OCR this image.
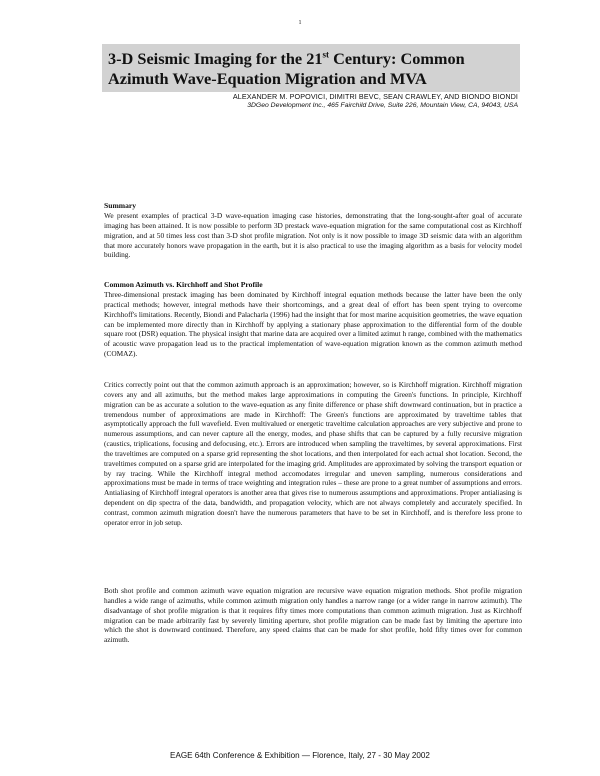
1
3-D Seismic Imaging for the 21st Century: Common
Azimuth Wave-Equation Migration and MVA
ALEXANDER M. POPOVICI, DIMITRI BEVC, SEAN CRAWLEY, AND BIONDO BIONDI
3DGeo Development Inc., 465 Fairchild Drive, Suite 226, Mountain View, CA, 94043, USA
Summary
We present examples of practical 3-D wave-equation imaging case histories, demonstrating that the long-sought-after goal of accurate imaging has been attained. It is now possible to perform 3D prestack wave-equation migration for the same computational cost as Kirchhoff migration, and at 50 times less cost than 3-D shot profile migration. Not only is it now possible to image 3D seismic data with an algorithm that more accurately honors wave propagation in the earth, but it is also practical to use the imaging algorithm as a basis for velocity model building.
Common Azimuth vs. Kirchhoff and Shot Profile
Three-dimensional prestack imaging has been dominated by Kirchhoff integral equation methods because the latter have been the only practical methods; however, integral methods have their shortcomings, and a great deal of effort has been spent trying to overcome Kirchhoff's limitations. Recently, Biondi and Palacharla (1996) had the insight that for most marine acquisition geometries, the wave equation can be implemented more directly than in Kirchhoff by applying a stationary phase approximation to the differential form of the double square root (DSR) equation. The physical insight that marine data are acquired over a limited azimut h range, combined with the mathematics of acoustic wave propagation lead us to the practical implementation of wave-equation migration known as the common azimuth method (COMAZ).
Critics correctly point out that the common azimuth approach is an approximation; however, so is Kirchhoff migration. Kirchhoff migration covers any and all azimuths, but the method makes large approximations in computing the Green's functions. In principle, Kirchhoff migration can be as accurate a solution to the wave-equation as any finite difference or phase shift downward continuation, but in practice a tremendous number of approximations are made in Kirchhoff: The Green's functions are approximated by traveltime tables that asymptotically approach the full wavefield. Even multivalued or energetic traveltime calculation approaches are very subjective and prone to numerous assumptions, and can never capture all the energy, modes, and phase shifts that can be captured by a fully recursive migration (caustics, triplications, focusing and defocusing, etc.). Errors are introduced when sampling the traveltimes, by several approximations. First the traveltimes are computed on a sparse grid representing the shot locations, and then interpolated for each actual shot location. Second, the traveltimes computed on a sparse grid are interpolated for the imaging grid. Amplitudes are approximated by solving the transport equation or by ray tracing. While the Kirchhoff integral method accomodates irregular and uneven sampling, numerous considerations and approximations must be made in terms of trace weighting and integration rules – these are prone to a great number of assumptions and errors. Antialiasing of Kirchhoff integral operators is another area that gives rise to numerous assumptions and approximations. Proper antialiasing is dependent on dip spectra of the data, bandwidth, and propagation velocity, which are not always completely and accurately specified. In contrast, common azimuth migration doesn't have the numerous parameters that have to be set in Kirchhoff, and is therefore less prone to operator error in job setup.
Both shot profile and common azimuth wave equation migration are recursive wave equation migration methods. Shot profile migration handles a wide range of azimuths, while common azimuth migration only handles a narrow range (or a wider range in narrow azimuth). The disadvantage of shot profile migration is that it requires fifty times more computations than common azimuth migration. Just as Kirchhoff migration can be made arbitrarily fast by severely limiting aperture, shot profile migration can be made fast by limiting the aperture into which the shot is downward continued. Therefore, any speed claims that can be made for shot profile, hold fifty times over for common azimuth.
EAGE 64th Conference & Exhibition — Florence, Italy, 27 - 30 May 2002
